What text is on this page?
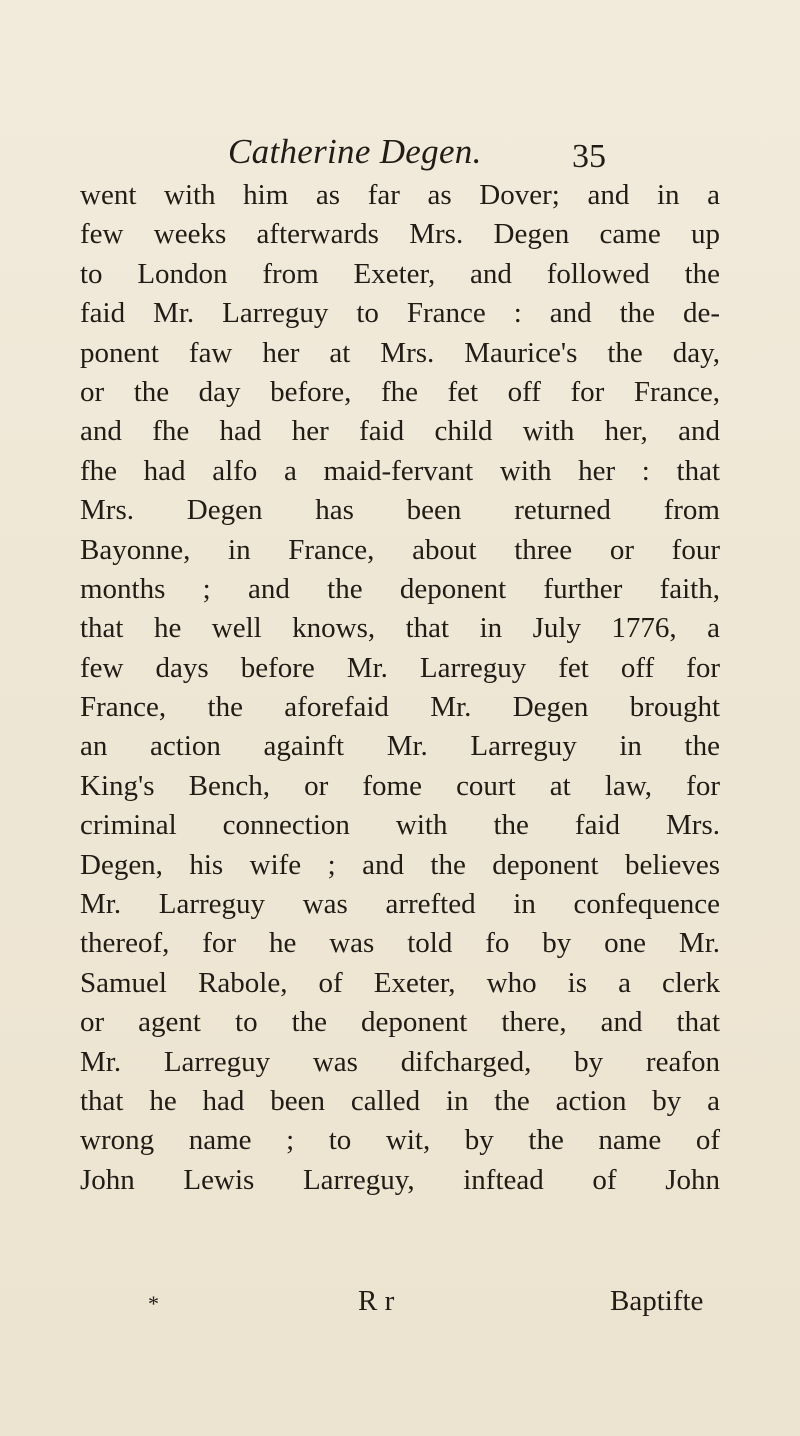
Catherine Degen.	35
went with him as far as Dover; and in a
few weeks afterwards Mrs. Degen came up
to London from Exeter, and followed the
faid Mr. Larreguy to France : and the de-
ponent faw her at Mrs. Maurice's the day,
or the day before, fhe fet off for France,
and fhe had her faid child with her, and
fhe had alfo a maid-fervant with her : that
Mrs. Degen has been returned from
Bayonne, in France, about three or four
months ; and the deponent further faith,
that he well knows, that in July 1776, a
few days before Mr. Larreguy fet off for
France, the aforefaid Mr. Degen brought
an action againft Mr. Larreguy in the
King's Bench, or fome court at law, for
criminal connection with the faid Mrs.
Degen, his wife ; and the deponent believes
Mr. Larreguy was arrefted in confequence
thereof, for he was told fo by one Mr.
Samuel Rabole, of Exeter, who is a clerk
or agent to the deponent there, and that
Mr. Larreguy was difcharged, by reafon
that he had been called in the action by a
wrong name ; to wit, by the name of
John Lewis Larreguy, inftead of John
*	R r	Baptifte
